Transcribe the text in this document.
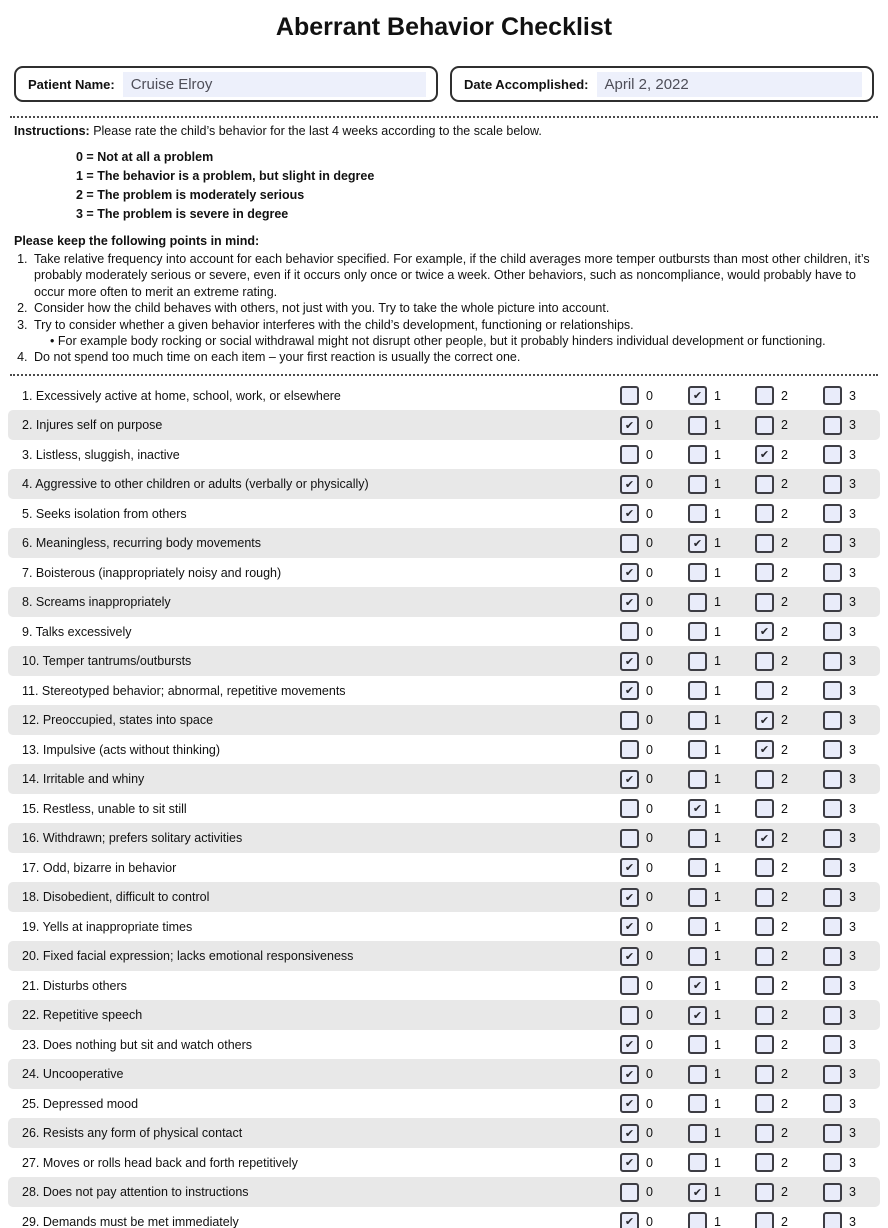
Aberrant Behavior Checklist
Patient Name:	Cruise Elroy	Date Accomplished:	April 2, 2022
Instructions: Please rate the child’s behavior for the last 4 weeks according to the scale below.
0 = Not at all a problem
1 = The behavior is a problem, but slight in degree
2 = The problem is moderately serious
3 = The problem is severe in degree
Please keep the following points in mind:
1. Take relative frequency into account for each behavior specified. For example, if the child averages more temper outbursts than most other children, it’s probably moderately serious or severe, even if it occurs only once or twice a week. Other behaviors, such as noncompliance, would probably have to occur more often to merit an extreme rating.
2. Consider how the child behaves with others, not just with you. Try to take the whole picture into account.
3. Try to consider whether a given behavior interferes with the child’s development, functioning or relationships.
• For example body rocking or social withdrawal might not disrupt other people, but it probably hinders individual development or functioning.
4. Do not spend too much time on each item – your first reaction is usually the correct one.
1. Excessively active at home, school, work, or elsewhere	0 ✔	1	2	3
2. Injures self on purpose ✔	0	1	2	3
3. Listless, sluggish, inactive	0	1 ✔	2	3
4. Aggressive to other children or adults (verbally or physically) ✔	0	1	2	3
5. Seeks isolation from others ✔	0	1	2	3
6. Meaningless, recurring body movements	0 ✔	1	2	3
7. Boisterous (inappropriately noisy and rough) ✔	0	1	2	3
8. Screams inappropriately ✔	0	1	2	3
9. Talks excessively	0	1 ✔	2	3
10. Temper tantrums/outbursts ✔	0	1	2	3
11. Stereotyped behavior; abnormal, repetitive movements ✔	0	1	2	3
12. Preoccupied, states into space	0	1 ✔	2	3
13. Impulsive (acts without thinking)	0	1 ✔	2	3
14. Irritable and whiny ✔	0	1	2	3
15. Restless, unable to sit still	0 ✔	1	2	3
16. Withdrawn; prefers solitary activities	0	1 ✔	2	3
17. Odd, bizarre in behavior ✔	0	1	2	3
18. Disobedient, difficult to control ✔	0	1	2	3
19. Yells at inappropriate times ✔	0	1	2	3
20. Fixed facial expression; lacks emotional responsiveness ✔	0	1	2	3
21. Disturbs others	0 ✔	1	2	3
22. Repetitive speech	0 ✔	1	2	3
23. Does nothing but sit and watch others ✔	0	1	2	3
24. Uncooperative ✔	0	1	2	3
25. Depressed mood ✔	0	1	2	3
26. Resists any form of physical contact ✔	0	1	2	3
27. Moves or rolls head back and forth repetitively ✔	0	1	2	3
28. Does not pay attention to instructions	0 ✔	1	2	3
29. Demands must be met immediately ✔	0	1	2	3
